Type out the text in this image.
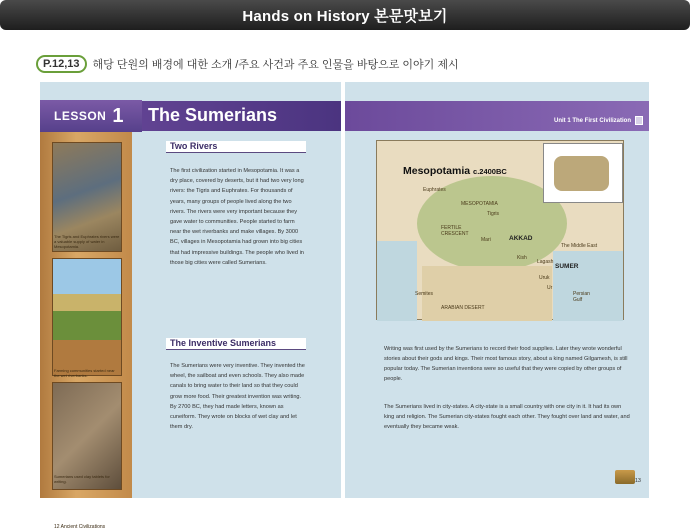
Hands on History 본문맛보기
P.12,13	해당 단원의 배경에 대한 소개 /주요 사건과 주요 인물을 바탕으로 이야기 제시
LESSON 1 The Sumerians
The Tigris and Euphrates rivers were a valuable supply of water in Mesopotamia.
Farming communities started near the wet riverbanks.
Sumerians used clay tablets for writing.
12 Ancient Civilizations
Two Rivers
The first civilization started in Mesopotamia. It was a dry place, covered by deserts, but it had two very long rivers: the Tigris and Euphrates. For thousands of years, many groups of people lived along the two rivers. The rivers were very important because they gave water to communities. People started to farm near the wet riverbanks and make villages. By 3000 BC, villages in Mesopotamia had grown into big cities that had impressive buildings. The people who lived in those big cities were called Sumerians.
The Inventive Sumerians
The Sumerians were very inventive. They invented the wheel, the sailboat and even schools. They also made canals to bring water to their land so that they could grow more food. Their greatest invention was writing. By 2700 BC, they had made letters, known as cuneiform. They wrote on blocks of wet clay and let them dry.
Unit 1 The First Civilization
Mesopotamia c.2400BC
Euphrates
MESOPOTAMIA
Tigris
FERTILE CRESCENT
Mari	AKKAD
Kish
Lagash
Uruk
Ur
SUMER
The Middle East
Semites
ARABIAN DESERT
Persian Gulf
Writing was first used by the Sumerians to record their food supplies. Later they wrote wonderful stories about their gods and kings. Their most famous story, about a king named Gilgamesh, is still popular today. The Sumerian inventions were so useful that they were copied by other groups of people.
The Sumerians lived in city-states. A city-state is a small country with one city in it. It had its own king and religion. The Sumerian city-states fought each other. They fought over land and water, and eventually they became weak.
13
